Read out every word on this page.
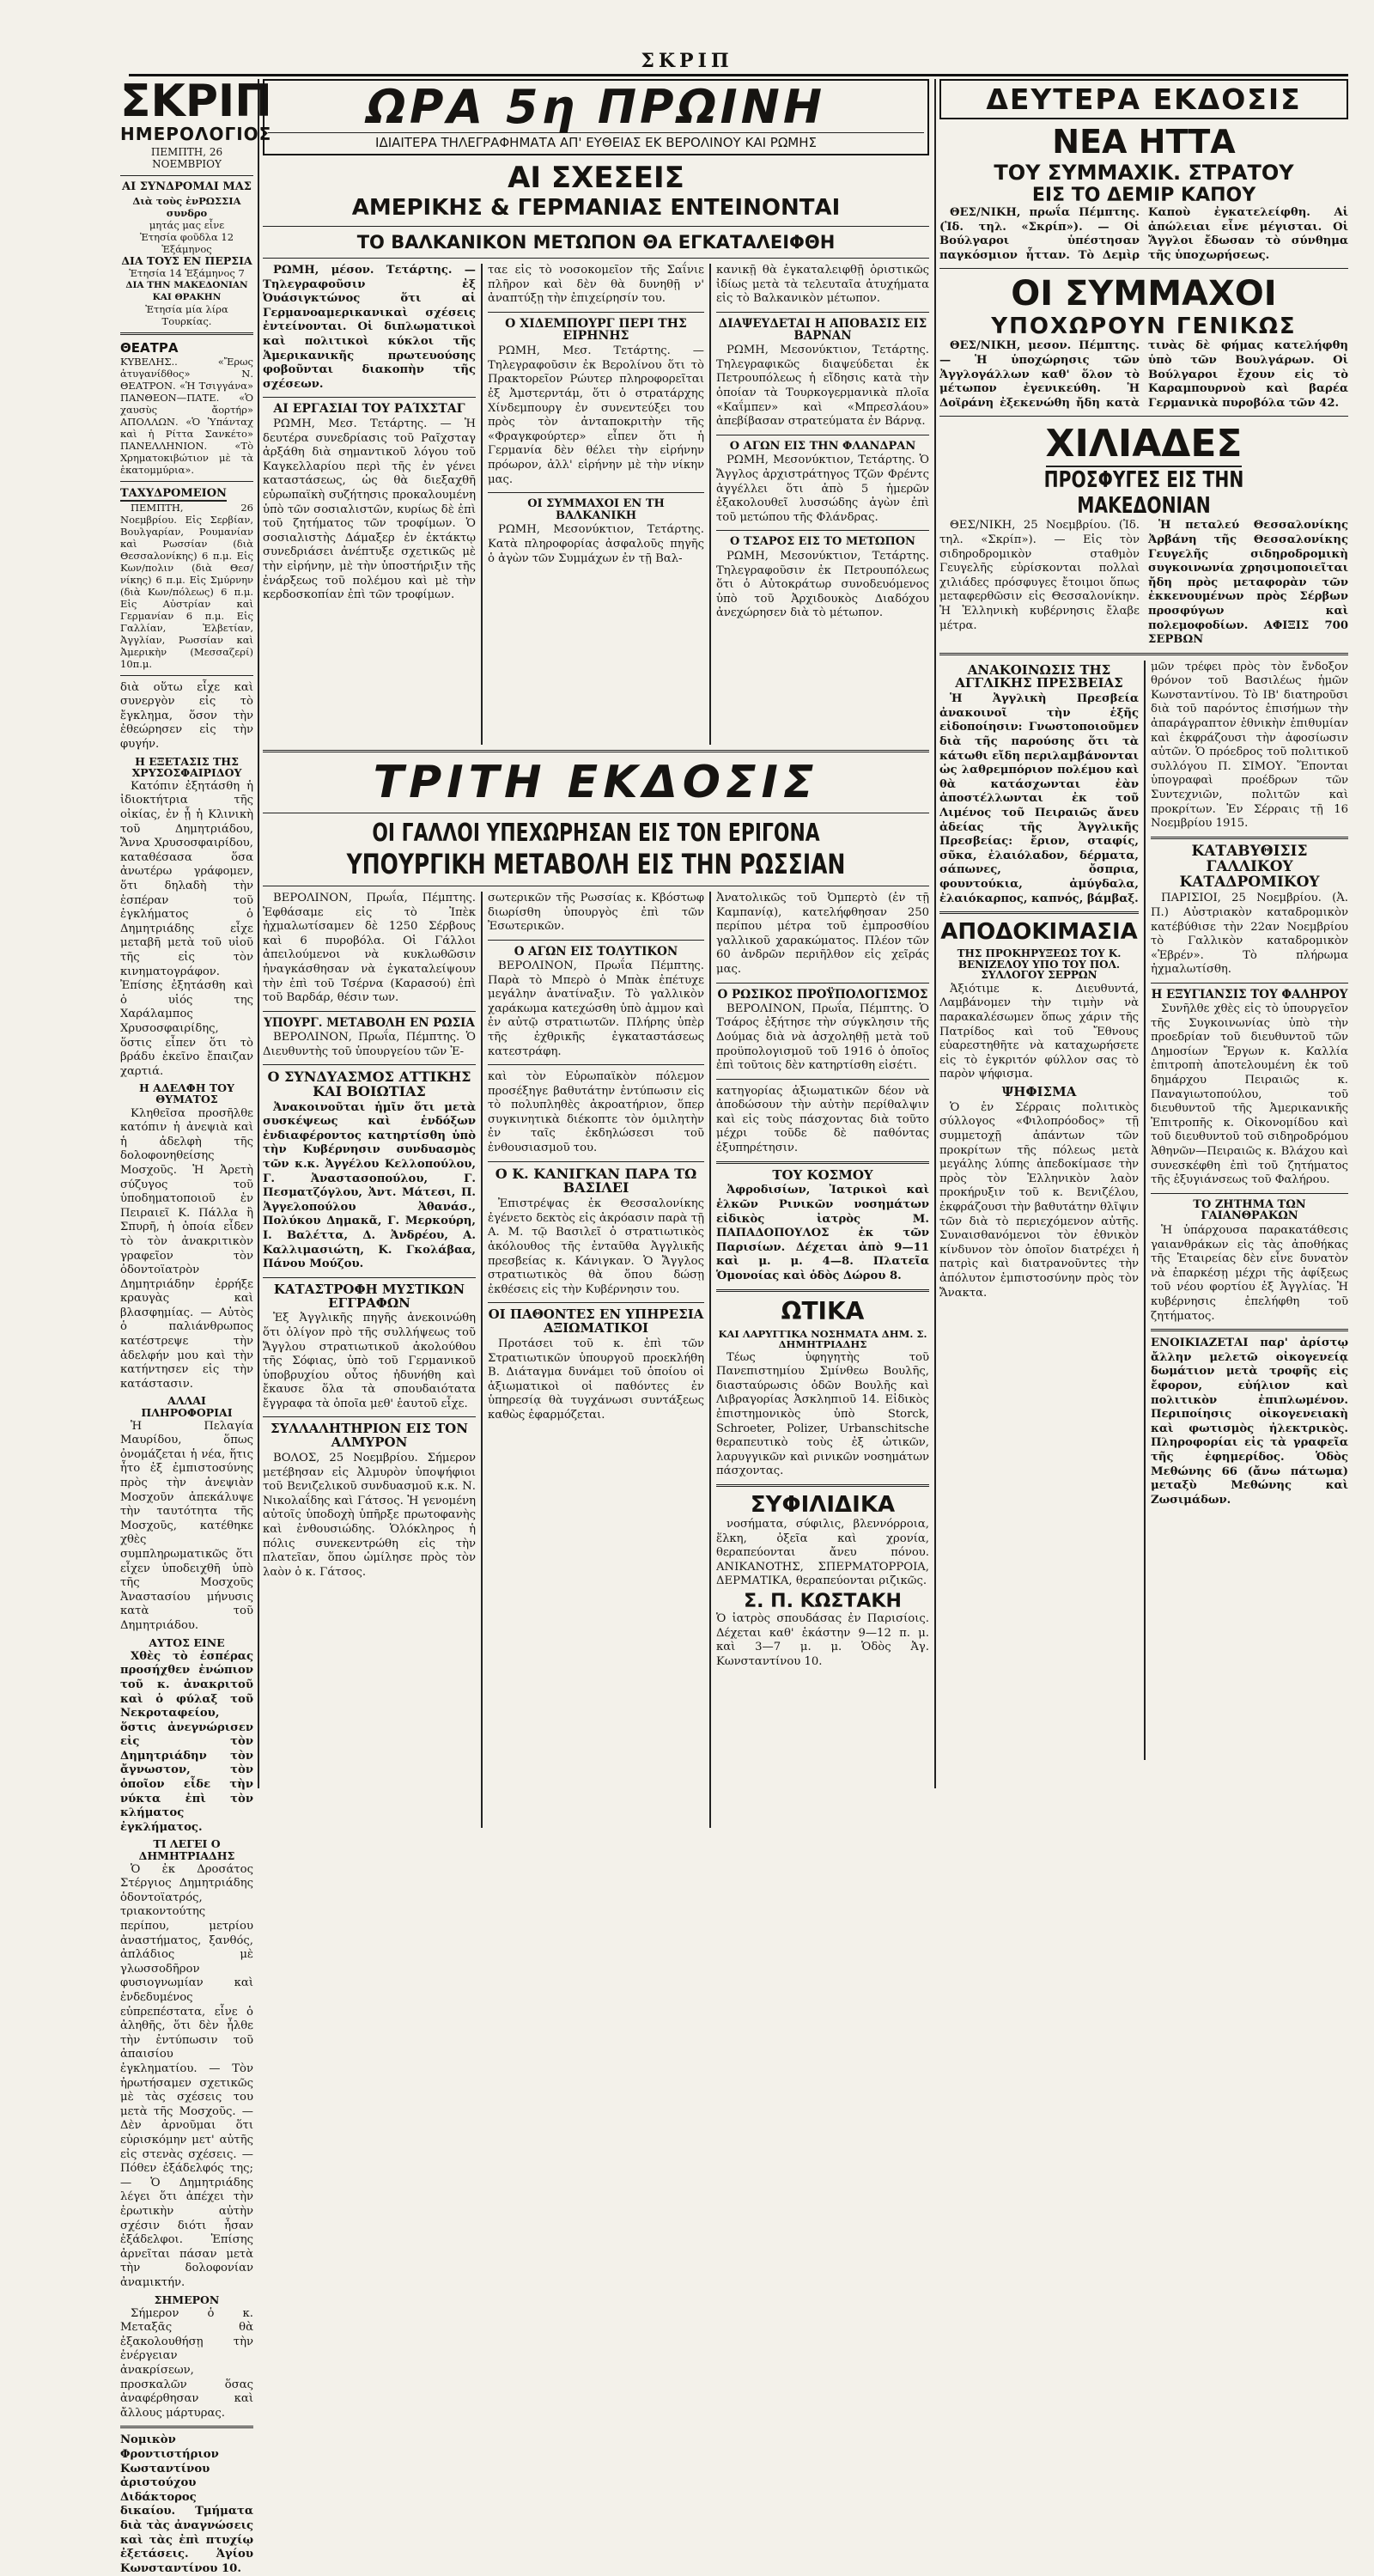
ΣΚΡΙΠ
ΣΚΡΙΠ
ΗΜΕΡΟΛΟΓΙΟΣ
ΠΕΜΠΤΗ, 26 ΝΟΕΜΒΡΙΟΥ
ΑΙ ΣΥΝΔΡΟΜΑΙ ΜΑΣ
Διὰ τοὺς ἐνΡΩΣΣΙΑ συνδρο
μητάς μας εἶνε
Ἐτησία φοῦδλα 12 Ἑξάμηνος
ΔΙΑ ΤΟΥΣ ΕΝ ΠΕΡΣΙΑ
Ἐτησία 14 Ἑξάμηνος 7
ΔΙΑ ΤΗΝ ΜΑΚΕΔΟΝΙΑΝ ΚΑΙ ΘΡΑΚΗΝ
Ἐτησία μία λίρα Τουρκίας.
ΘΕΑΤΡΑ
ΚΥΒΕΛΗΣ.. «Ἔρως ἀτυγανίδθος» Ν. ΘΕΑΤΡΟΝ. «Ἡ Τσιγγάνα» ΠΑΝΘΕΟΝ—ΠΑΤΕ. «Ὁ χαυσὺς ἄορτήρ» ΑΠΟΛΛΩΝ. «Ὁ Ὑπάνταχ καὶ ἡ Ρίττα Σανκέτο» ΠΑΝΕΛΛΗΝΙΟΝ. «Τὸ Χρηματοκιβώτιον μὲ τὰ ἑκατομμύρια».
ΤΑΧΥΔΡΟΜΕΙΟΝ
ΠΕΜΠΤΗ, 26 Νοεμβρίου. Εἰς Σερβίαν, Βουλγαρίαν, Ρουμανίαν καὶ Ρωσσίαν (διὰ Θεσσαλονίκης) 6 π.μ. Εἰς Κων/πολιν (διὰ Θεσ/νίκης) 6 π.μ. Εἰς Σμύρνην (διὰ Κων/πόλεως) 6 π.μ. Εἰς Αὐστρίαν καὶ Γερμανίαν 6 π.μ. Εἰς Γαλλίαν, Ἑλβετίαν, Ἀγγλίαν, Ρωσσίαν καὶ Ἀμερικὴν (Μεσσαζερί) 10π.μ.
διὰ οὕτω εἶχε καὶ συνεργὸν εἰς τὸ ἔγκλημα, ὅσον τὴν ἐθεώρησεν εἰς τὴν φυγήν.
Η ΕΞΕΤΑΣΙΣ ΤΗΣ ΧΡΥΣΟΣΦΑΙΡΙΔΟΥ
Κατόπιν ἐξητάσθη ἡ ἰδιοκτήτρια τῆς οἰκίας, ἐν ᾗ ἡ Κλινικὴ τοῦ Δημητριάδου, Ἄννα Χρυσοσφαιρίδου, καταθέσασα ὅσα ἀνωτέρω γράφομεν, ὅτι δηλαδὴ τὴν ἑσπέραν τοῦ ἐγκλήματος ὁ Δημητριάδης εἶχε μεταβῆ μετὰ τοῦ υἱοῦ τῆς εἰς τὸν κινηματογράφον. Ἐπίσης ἐξητάσθη καὶ ὁ υἱός της Χαράλαμπος Χρυσοσφαιρίδης, ὅστις εἶπεν ὅτι τὸ βράδυ ἐκεῖνο ἔπαιζαν χαρτιά.
Η ΑΔΕΛΦΗ ΤΟΥ ΘΥΜΑΤΟΣ
Κληθεῖσα προσῆλθε κατόπιν ἡ ἀνεψιὰ καὶ ἡ ἀδελφὴ τῆς δολοφονηθείσης Μοσχοῦς. Ἡ Ἀρετὴ σύζυγος τοῦ ὑποδηματοποιοῦ ἐν Πειραιεῖ Κ. Πάλλα ἢ Σπυρῆ, ἡ ὁποία εἶδεν τὸ τὸν ἀνακριτικὸν γραφεῖον τὸν ὀδοντοϊατρὸν Δημητριάδην ἐρρήξε κραυγὰς καὶ βλασφημίας. — Αὐτὸς ὁ παλιάνθρωπος κατέστρεψε τὴν ἀδελφήν μου καὶ τὴν κατήντησεν εἰς τὴν κατάστασιν.
ΑΛΛΑΙ ΠΛΗΡΟΦΟΡΙΑΙ
Ἡ Πελαγία Μαυρίδου, ὅπως ὀνομάζεται ἡ νέα, ἥτις ἦτο ἐξ ἐμπιστοσύνης πρὸς τὴν ἀνεψιὰν Μοσχοῦν ἀπεκάλυψε τὴν ταυτότητα τῆς Μοσχοῦς, κατέθηκε χθὲς συμπληρωματικῶς ὅτι εἶχεν ὑποδειχθῆ ὑπὸ τῆς Μοσχοῦς Ἀναστασίου μήνυσις κατὰ τοῦ Δημητριάδου.
ΑΥΤΟΣ ΕΙΝΕ
Χθὲς τὸ ἑσπέρας προσήχθεν ἐνώπιον τοῦ κ. ἀνακριτοῦ καὶ ὁ φύλαξ τοῦ Νεκροταφείου, ὅστις ἀνεγνώρισεν εἰς τὸν Δημητριάδην τὸν ἄγνωστον, τὸν ὁποῖον εἶδε τὴν νύκτα ἐπὶ τὸν κλήματος ἐγκλήματος.
ΤΙ ΛΕΓΕΙ Ο ΔΗΜΗΤΡΙΑΔΗΣ
Ὁ ἐκ Δροσάτος Στέργιος Δημητριάδης ὁδοντοϊατρός, τριακοντούτης περίπου, μετρίου ἀναστήματος, ξανθός, ἀπλάδιος μὲ γλωσσοδῆρον φυσιογνωμίαν καὶ ἐνδεδυμένος εὐπρεπέστατα, εἶνε ὁ ἀληθῆς, ὅτι δὲν ἦλθε τὴν ἐντύπωσιν τοῦ ἀπαισίου ἐγκληματίου. — Τὸν ἠρωτήσαμεν σχετικῶς μὲ τὰς σχέσεις του μετὰ τῆς Μοσχοῦς. — Δὲν ἀρνοῦμαι ὅτι εὑρισκόμην μετ' αὐτῆς εἰς στενὰς σχέσεις. — Πόθεν ἐξάδελφός της; — Ὁ Δημητριάδης λέγει ὅτι ἀπέχει τὴν ἐρωτικὴν αὐτὴν σχέσιν διότι ἦσαν ἐξάδελφοι. Ἐπίσης ἀρνεῖται πάσαν μετὰ τὴν δολοφονίαν ἀναμικτήν.
ΣΗΜΕΡΟΝ
Σήμερον ὁ κ. Μεταξᾶς θὰ ἐξακολουθήσῃ τὴν ἐνέργειαν ἀνακρίσεων, προσκαλῶν ὅσας ἀναφέρθησαν καὶ ἄλλους μάρτυρας.
Νομικὸν Φροντιστήριον Κωσταντίνου ἀριστούχου Διδάκτορος δικαίου. Τμήματα διὰ τὰς ἀναγνώσεις καὶ τὰς ἐπὶ πτυχίῳ ἐξετάσεις. Ἁγίου Κωνσταντίνου 10.
ΩΡΑ 5η ΠΡΩΙΝΗ
ΙΔΙΑΙΤΕΡΑ ΤΗΛΕΓΡΑΦΗΜΑΤΑ ΑΠ' ΕΥΘΕΙΑΣ ΕΚ ΒΕΡΟΛΙΝΟΥ ΚΑΙ ΡΩΜΗΣ
ΑΙ ΣΧΕΣΕΙΣ
ΑΜΕΡΙΚΗΣ & ΓΕΡΜΑΝΙΑΣ ΕΝΤΕΙΝΟΝΤΑΙ
ΤΟ ΒΑΛΚΑΝΙΚΟΝ ΜΕΤΩΠΟΝ ΘΑ ΕΓΚΑΤΑΛΕΙΦΘΗ
ΡΩΜΗ, μέσον. Τετάρτης. — Τηλεγραφοῦσιν ἐξ Ὀυάσιγκτώνος ὅτι αἱ Γερμανοαμερικανικαὶ σχέσεις ἐντείνονται. Οἱ διπλωματικοὶ καὶ πολιτικοὶ κύκλοι τῆς Ἀμερικανικῆς πρωτευούσης φοβοῦνται διακοπὴν τῆς σχέσεων.
ΑΙ ΕΡΓΑΣΙΑΙ ΤΟΥ ΡΑΊΧΣΤΑΓ
ΡΩΜΗ, Μεσ. Τετάρτης. — Ἡ δευτέρα συνεδρίασις τοῦ Ραῖχσταγ ἀρξάθη διὰ σημαντικοῦ λόγου τοῦ Καγκελλαρίου περὶ τῆς ἐν γένει καταστάσεως, ὡς θὰ διεξαχθῆ εὐρωπαϊκὴ συζήτησις προκαλουμένη ὑπὸ τῶν σοσιαλιστῶν, κυρίως δὲ ἐπὶ τοῦ ζητήματος τῶν τροφίμων. Ὁ σοσιαλιστὴς Δάμαξερ ἐν ἐκτάκτῳ συνεδριάσει ἀνέπτυξε σχετικῶς μὲ τὴν εἰρήνην, μὲ τὴν ὑποστήριξιν τῆς ἐνάρξεως τοῦ πολέμου καὶ μὲ τὴν κερδοσκοπίαν ἐπὶ τῶν τροφίμων.
ταε εἰς τὸ νοσοκομεῖον τῆς Σαΐνιε πλῆρον καὶ δὲν θὰ δυνηθῇ ν' ἀναπτύξῃ τὴν ἐπιχείρησίν του.
Ο ΧΙΔΕΜΠΟΥΡΓ ΠΕΡΙ ΤΗΣ ΕΙΡΗΝΗΣ
ΡΩΜΗ, Μεσ. Τετάρτης. — Τηλεγραφοῦσιν ἐκ Βερολίνου ὅτι τὸ Πρακτορεῖον Ρώυτερ πληροφορεῖται ἐξ Ἀμστερντάμ, ὅτι ὁ στρατάρχης Χίνδεμπουργ ἐν συνεντεύξει του πρὸς τὸν ἀνταποκριτὴν τῆς «Φραγκφούρτερ» εἶπεν ὅτι ἡ Γερμανία δὲν θέλει τὴν εἰρήνην πρόωρον, ἀλλ' εἰρήνην μὲ τὴν νίκην μας.
ΟΙ ΣΥΜΜΑΧΟΙ ΕΝ ΤΗ ΒΑΛΚΑΝΙΚΗ
ΡΩΜΗ, Μεσονύκτιον, Τετάρτης. Κατὰ πληροφορίας ἀσφαλοῦς πηγῆς ὁ ἀγὼν τῶν Συμμάχων ἐν τῇ Βαλ-
κανικῇ θὰ ἐγκαταλειφθῇ ὁριστικῶς ἰδίως μετὰ τὰ τελευταῖα ἀτυχήματα εἰς τὸ Βαλκανικὸν μέτωπον.
ΔΙΑΨΕΥΔΕΤΑΙ Η ΑΠΟΒΑΣΙΣ ΕΙΣ ΒΑΡΝΑΝ
ΡΩΜΗ, Μεσονύκτιον, Τετάρτης. Τηλεγραφικῶς διαψεύδεται ἐκ Πετρουπόλεως ἡ εἴδησις κατὰ τὴν ὁποίαν τὰ Τουρκογερμανικὰ πλοῖα «Καΐμπεν» καὶ «Μπρεσλάου» ἀπεβίβασαν στρατεύματα ἐν Βάρνᾳ.
Ο ΑΓΩΝ ΕΙΣ ΤΗΝ ΦΛΑΝΔΡΑΝ
ΡΩΜΗ, Μεσονύκτιον, Τετάρτης. Ὁ Ἄγγλος ἀρχιστράτηγος Τζῶν Φρέντς ἀγγέλλει ὅτι ἀπὸ 5 ἡμερῶν ἐξακολουθεῖ λυσσώδης ἀγὼν ἐπὶ τοῦ μετώπου τῆς Φλάνδρας.
Ο ΤΣΑΡΟΣ ΕΙΣ ΤΟ ΜΕΤΩΠΟΝ
ΡΩΜΗ, Μεσονύκτιον, Τετάρτης. Τηλεγραφοῦσιν ἐκ Πετρουπόλεως ὅτι ὁ Αὐτοκράτωρ συνοδευόμενος ὑπὸ τοῦ Ἀρχιδουκὸς Διαδόχου ἀνεχώρησεν διὰ τὸ μέτωπον.
ΤΡΙΤΗ ΕΚΔΟΣΙΣ
ΟΙ ΓΑΛΛΟΙ ΥΠΕΧΩΡΗΣΑΝ ΕΙΣ ΤΟΝ ΕΡΙΓΟΝΑ
ΥΠΟΥΡΓΙΚΗ ΜΕΤΑΒΟΛΗ ΕΙΣ ΤΗΝ ΡΩΣΣΙΑΝ
ΒΕΡΟΛΙΝΟΝ, Πρωΐα, Πέμπτης. Ἐφθάσαμε εἰς τὸ Ἰπὲκ ἠχμαλωτίσαμεν δὲ 1250 Σέρβους καὶ 6 πυροβόλα. Οἱ Γάλλοι ἀπειλούμενοι νὰ κυκλωθῶσιν ἠναγκάσθησαν νὰ ἐγκαταλείψουν τὴν ἐπὶ τοῦ Τσέρνα (Καρασού) ἐπὶ τοῦ Βαρδάρ, θέσιν των.
ΥΠΟΥΡΓ. ΜΕΤΑΒΟΛΗ ΕΝ ΡΩΣΙΑ
ΒΕΡΟΛΙΝΟΝ, Πρωΐα, Πέμπτης. Ὁ Διευθυντὴς τοῦ ὑπουργείου τῶν Ἐ-
Ο ΣΥΝΔΥΑΣΜΟΣ ΑΤΤΙΚΗΣ ΚΑΙ ΒΟΙΩΤΙΑΣ
Ἀνακοινοῦται ἡμῖν ὅτι μετὰ συσκέψεως καὶ ἑνδόξων ἐνδιαφέροντος κατηρτίσθη ὑπὸ τὴν Κυβέρνησιν συνδυασμὸς τῶν κ.κ. Ἀγγέλου Κελλοπούλου, Γ. Ἀναστασοπούλου, Γ. Πεσματζόγλου, Ἀντ. Μάτεσι, Π. Ἀγγελοπούλου Ἀθανάσ., Πολύκου Δημακᾶ, Γ. Μερκούρη, Ι. Βαλέττα, Δ. Ἀνδρέου, Α. Καλλιμασιώτη, Κ. Γκολάβαα, Πάνου Μούζου.
ΚΑΤΑΣΤΡΟΦΗ ΜΥΣΤΙΚΩΝ ΕΓΓΡΑΦΩΝ
Ἐξ Ἀγγλικῆς πηγῆς ἀνεκοινώθη ὅτι ὀλίγον πρὸ τῆς συλλήψεως τοῦ Ἄγγλου στρατιωτικοῦ ἀκολούθου τῆς Σόφιας, ὑπὸ τοῦ Γερμανικοῦ ὑποβρυχίου οὗτος ἠδυνήθη καὶ ἔκαυσε ὅλα τὰ σπουδαιότατα ἔγγραφα τὰ ὁποῖα μεθ' ἑαυτοῦ εἶχε.
ΣΥΛΛΑΛΗΤΗΡΙΟΝ ΕΙΣ ΤΟΝ ΑΛΜΥΡΟΝ
ΒΟΛΟΣ, 25 Νοεμβρίου. Σήμερον μετέβησαν εἰς Ἀλμυρὸν ὑποψήφιοι τοῦ Βενιζελικοῦ συνδυασμοῦ κ.κ. Ν. Νικολαΐδης καὶ Γάτσος. Ἡ γενομένη αὐτοῖς ὑποδοχὴ ὑπῆρξε πρωτοφανὴς καὶ ἐνθουσιώδης. Ὁλόκληρος ἡ πόλις συνεκεντρώθη εἰς τὴν πλατεῖαν, ὅπου ὡμίλησε πρὸς τὸν λαὸν ὁ κ. Γάτσος.
σωτερικῶν τῆς Ρωσσίας κ. Κβόστωφ διωρίσθη ὑπουργὸς ἐπὶ τῶν Ἐσωτερικῶν.
Ο ΑΓΩΝ ΕΙΣ ΤΟΛΥΤΙΚΟΝ
ΒΕΡΟΛΙΝΟΝ, Πρωΐα Πέμπτης. Παρὰ τὸ Μπερὸ ὁ Μπὰκ ἐπέτυχε μεγάλην ἀνατίναξιν. Τὸ γαλλικὸν χαράκωμα κατεχώσθη ὑπὸ ἀμμον καὶ ἐν αὐτῷ στρατιωτῶν. Πλήρης ὑπὲρ τῆς ἐχθρικῆς ἐγκαταστάσεως κατεστράφη.
καὶ τὸν Εὐρωπαϊκὸν πόλεμον προσέξηγε βαθυτάτην ἐντύπωσιν εἰς τὸ πολυπληθὲς ἀκροατήριον, ὅπερ συγκινητικὰ διέκοπτε τὸν ὁμιλητὴν ἐν ταῖς ἐκδηλώσεσι τοῦ ἐνθουσιασμοῦ του.
Ο Κ. ΚΑΝΙΓΚΑΝ ΠΑΡΑ ΤΩ ΒΑΣΙΛΕΙ
Ἐπιστρέψας ἐκ Θεσσαλονίκης ἐγένετο δεκτὸς εἰς ἀκρόασιν παρὰ τῇ Α. Μ. τῷ Βασιλεῖ ὁ στρατιωτικὸς ἀκόλουθος τῆς ἐνταῦθα Ἀγγλικῆς πρεσβείας κ. Κάνιγκαν. Ὁ Ἄγγλος στρατιωτικὸς θὰ ὅπου δώσῃ ἐκθέσεις εἰς τὴν Κυβέρνησιν του.
ΟΙ ΠΑΘΟΝΤΕΣ ΕΝ ΥΠΗΡΕΣΙΑ ΑΞΙΩΜΑΤΙΚΟΙ
Προτάσει τοῦ κ. ἐπὶ τῶν Στρατιωτικῶν ὑπουργοῦ προεκλήθη Β. Διάταγμα δυνάμει τοῦ ὁποίου οἱ ἀξιωματικοὶ οἱ παθόντες ἐν ὑπηρεσίᾳ θὰ τυγχάνωσι συντάξεως καθὼς ἐφαρμόζεται.
Ἀνατολικῶς τοῦ Ὀμπερτὸ (ἐν τῇ Καμπανίᾳ), κατελήφθησαν 250 περίπου μέτρα τοῦ ἐμπροσθίου γαλλικοῦ χαρακώματος. Πλέον τῶν 60 ἀνδρῶν περιῆλθον εἰς χεῖράς μας.
Ο ΡΩΣΙΚΟΣ ΠΡΟΫΠΟΛΟΓΙΣΜΟΣ
ΒΕΡΟΛΙΝΟΝ, Πρωΐα, Πέμπτης. Ὁ Τσάρος ἐξήτησε τὴν σύγκλησιν τῆς Δούμας διὰ νὰ ἀσχοληθῇ μετὰ τοῦ προϋπολογισμοῦ τοῦ 1916 ὁ ὁποῖος ἐπὶ τοῦτοις δὲν κατηρτίσθη εἰσέτι.
κατηγορίας ἀξιωματικῶν δέον νὰ ἀποδώσουν τὴν αὐτὴν περίθαλψιν καὶ εἰς τοὺς πάσχοντας διὰ τοῦτο μέχρι τοῦδε δὲ παθόντας ἐξυπηρέτησιν.
ΤΟΥ ΚΟΣΜΟΥ
Ἀφροδισίων, Ἰατρικοὶ καὶ ἑλκῶν Ρινικῶν νοσημάτων εἰδικὸς ἰατρὸς Μ. ΠΑΠΑΔΟΠΟΥΛΟΣ ἐκ τῶν Παρισίων. Δέχεται ἀπὸ 9—11 καὶ μ. μ. 4—8. Πλατεῖα Ὁμονοίας καὶ ὁδὸς Δώρου 8.
ΩΤΙΚΑ
ΚΑΙ ΛΑΡΥΓΓΙΚΑ ΝΟΣΗΜΑΤΑ ΔΗΜ. Σ. ΔΗΜΗΤΡΙΑΔΗΣ
Τέως ὑφηγητὴς τοῦ Πανεπιστημίου Σμίνθεω Βουλῆς, διασταύρωσις ὁδῶν Βουλῆς καὶ Λιβραγορίας Ἀσκληπιοῦ 14. Εἰδικὸς ἐπιστημονικὸς ὑπὸ Storck, Schroeter, Polizer, Urbanschitsche θεραπευτικὸ τοὺς ἐξ ὠτικῶν, λαρυγγικῶν καὶ ρινικῶν νοσημάτων πάσχοντας.
ΣΥΦΙΛΙΔΙΚΑ
νοσήματα, σύφιλις, βλεννόρροια, ἕλκη, ὀξεῖα καὶ χρονία, θεραπεύονται ἄνευ πόνου. ΑΝΙΚΑΝΟΤΗΣ, ΣΠΕΡΜΑΤΟΡΡΟΙΑ, ΔΕΡΜΑΤΙΚΑ, θεραπεύονται ριζικῶς.
Σ. Π. ΚΩΣΤΑΚΗ
Ὁ ἰατρὸς σπουδάσας ἐν Παρισίοις. Δέχεται καθ' ἑκάστην 9—12 π. μ. καὶ 3—7 μ. μ. Ὁδὸς Ἀγ. Κωνσταντίνου 10.
ΔΕΥΤΕΡΑ ΕΚΔΟΣΙΣ
ΝΕΑ ΗΤΤΑ
ΤΟΥ ΣΥΜΜΑΧΙΚ. ΣΤΡΑΤΟΥ
ΕΙΣ ΤΟ ΔΕΜΙΡ ΚΑΠΟΥ
ΘΕΣ/ΝΙΚΗ, πρωΐα Πέμπτης. (Ἰδ. τηλ. «Σκρίπ»). — Οἱ Βούλγαροι ὑπέστησαν παγκόσμιον ἧτταν. Τὸ Δεμὶρ Καποὺ ἐγκατελείφθη. Αἱ ἀπώλειαι εἶνε μέγισται. Οἱ Ἄγγλοι ἔδωσαν τὸ σύνθημα τῆς ὑποχωρήσεως.
ΟΙ ΣΥΜΜΑΧΟΙ
ΥΠΟΧΩΡΟΥΝ ΓΕΝΙΚΩΣ
ΘΕΣ/ΝΙΚΗ, μεσον. Πέμπτης. — Ἡ ὑποχώρησις τῶν Ἀγγλογάλλων καθ' ὅλον τὸ μέτωπον ἐγενικεύθη. Ἡ Δοϊράνη ἐξεκενώθη ἤδη κατὰ τινὰς δὲ φήμας κατελήφθη ὑπὸ τῶν Βουλγάρων. Οἱ Βούλγαροι ἔχουν εἰς τὸ Καραμπουρνοὺ καὶ βαρέα Γερμανικὰ πυροβόλα τῶν 42.
ΧΙΛΙΑΔΕΣ
ΠΡΟΣΦΥΓΕΣ ΕΙΣ ΤΗΝ ΜΑΚΕΔΟΝΙΑΝ
ΘΕΣ/ΝΙΚΗ, 25 Νοεμβρίου. (Ἰδ. τηλ. «Σκρίπ»). — Εἰς τὸν σιδηροδρομικὸν σταθμὸν Γευγελῆς εὑρίσκονται πολλαὶ χιλιάδες πρόσφυγες ἔτοιμοι ὅπως μεταφερθῶσιν εἰς Θεσσαλονίκην. Ἡ Ἑλληνικὴ κυβέρνησις ἔλαβε μέτρα.
Ἡ πεταλεύ Θεσσαλονίκης Ἀρβάνη τῆς Θεσσαλονίκης Γευγελῆς σιδηροδρομικὴ συγκοινωνία χρησιμοποιεῖται ἤδη πρὸς μεταφορὰν τῶν ἐκκενουμένων πρὸς Σέρβων προσφύγων καὶ πολεμοφοδίων. ΑΦΙΞΙΣ 700 ΣΕΡΒΩΝ
ΑΝΑΚΟΙΝΩΣΙΣ ΤΗΣ ΑΓΓΛΙΚΗΣ ΠΡΕΣΒΕΙΑΣ
Ἡ Ἀγγλικὴ Πρεσβεία ἀνακοινοῖ τὴν ἑξῆς εἰδοποίησιν: Γνωστοποιοῦμεν διὰ τῆς παρούσης ὅτι τὰ κάτωθι εἴδη περιλαμβάνονται ὡς λαθρεμπόριον πολέμου καὶ θὰ κατάσχωνται ἐὰν ἀποστέλλωνται ἐκ τοῦ Λιμένος τοῦ Πειραιῶς ἄνευ ἀδείας τῆς Ἀγγλικῆς Πρεσβείας: ἔριον, σταφίς, σῦκα, ἐλαιόλαδον, δέρματα, σάπωνες, ὄσπρια, φουντούκια, ἀμύγδαλα, ἐλαιόκαρπος, καπνός, βάμβαξ.
ΑΠΟΔΟΚΙΜΑΣΙΑ
ΤΗΣ ΠΡΟΚΗΡΥΞΕΩΣ ΤΟΥ Κ. ΒΕΝΙΖΕΛΟΥ ΥΠΟ ΤΟΥ ΠΟΛ. ΣΥΛΛΟΓΟΥ ΣΕΡΡΩΝ
Ἀξιότιμε κ. Διευθυντά, Λαμβάνομεν τὴν τιμὴν νὰ παρακαλέσωμεν ὅπως χάριν τῆς Πατρίδος καὶ τοῦ Ἔθνους εὐαρεστηθῆτε νὰ καταχωρήσετε εἰς τὸ ἐγκριτόν φύλλον σας τὸ παρὸν ψήφισμα.
ΨΗΦΙΣΜΑ
Ὁ ἐν Σέρραις πολιτικὸς σύλλογος «Φιλοπρόοδος» τῇ συμμετοχῇ ἀπάντων τῶν προκρίτων τῆς πόλεως μετὰ μεγάλης λύπης ἀπεδοκίμασε τὴν πρὸς τὸν Ἑλληνικὸν λαὸν προκήρυξιν τοῦ κ. Βενιζέλου, ἐκφράζουσι τὴν βαθυτάτην θλῖψιν τῶν διὰ τὸ περιεχόμενον αὐτῆς. Συναισθανόμενοι τὸν ἐθνικὸν κίνδυνον τὸν ὁποῖον διατρέχει ἡ πατρὶς καὶ διατρανοῦντες τὴν ἀπόλυτον ἐμπιστοσύνην πρὸς τὸν Ἄνακτα.
μῶν τρέφει πρὸς τὸν ἔνδοξον θρόνον τοῦ Βασιλέως ἡμῶν Κωνσταντίνου. Τὸ ΙΒ' διατηροῦσι διὰ τοῦ παρόντος ἐπισήμων τὴν ἀπαράγραπτον ἐθνικὴν ἐπιθυμίαν καὶ ἐκφράζουσι τὴν ἀφοσίωσιν αὐτῶν. Ὁ πρόεδρος τοῦ πολιτικοῦ συλλόγου Π. ΣΙΜΟΥ. Ἕπονται ὑπογραφαὶ προέδρων τῶν Συντεχνιῶν, πολιτῶν καὶ προκρίτων. Ἐν Σέρραις τῇ 16 Νοεμβρίου 1915.
ΚΑΤΑΒΥΘΙΣΙΣ ΓΑΛΛΙΚΟΥ ΚΑΤΑΔΡΟΜΙΚΟΥ
ΠΑΡΙΣΙΟΙ, 25 Νοεμβρίου. (Ἀ. Π.) Αὐστριακὸν καταδρομικὸν κατέβύθισε τὴν 22αν Νοεμβρίου τὸ Γαλλικὸν καταδρομικὸν «Ἐβρέν». Τὸ πλήρωμα ἠχμαλωτίσθη.
Η ΕΞΥΓΙΑΝΣΙΣ ΤΟΥ ΦΑΛΗΡΟΥ
Συνῆλθε χθὲς εἰς τὸ ὑπουργεῖον τῆς Συγκοινωνίας ὑπὸ τὴν προεδρίαν τοῦ διευθυντοῦ τῶν Δημοσίων Ἔργων κ. Καλλία ἐπιτροπὴ ἀποτελουμένη ἐκ τοῦ δημάρχου Πειραιῶς κ. Παναγιωτοπούλου, τοῦ διευθυντοῦ τῆς Ἀμερικανικῆς Ἐπιτροπῆς κ. Οἰκονομίδου καὶ τοῦ διευθυντοῦ τοῦ σιδηροδρόμου Ἀθηνῶν—Πειραιῶς κ. Βλάχου καὶ συνεσκέφθη ἐπὶ τοῦ ζητήματος τῆς ἐξυγιάνσεως τοῦ Φαλήρου.
ΤΟ ΖΗΤΗΜΑ ΤΩΝ ΓΑΙΑΝΘΡΑΚΩΝ
Ἡ ὑπάρχουσα παρακατάθεσις γαιανθράκων εἰς τὰς ἀποθήκας τῆς Ἑταιρείας δὲν εἶνε δυνατὸν νὰ ἐπαρκέσῃ μέχρι τῆς ἀφίξεως τοῦ νέου φορτίου ἐξ Ἀγγλίας. Ἡ κυβέρνησις ἐπελήφθη τοῦ ζητήματος.
ΕΝΟΙΚΙΑΖΕΤΑΙ παρ' ἀρίστῳ ἄλλην μελετῶ οἰκογενείᾳ δωμάτιον μετὰ τροφῆς εἰς ἔφορον, εὐήλιον καὶ πολιτικὸν ἐπιπλωμένον. Περιποίησις οἰκογενειακὴ καὶ φωτισμὸς ἠλεκτρικὸς. Πληροφορίαι εἰς τὰ γραφεῖα τῆς ἐφημερίδος. Ὁδὸς Μεθώνης 66 (ἄνω πάτωμα) μεταξὺ Μεθώνης καὶ Ζωσιμάδων.
